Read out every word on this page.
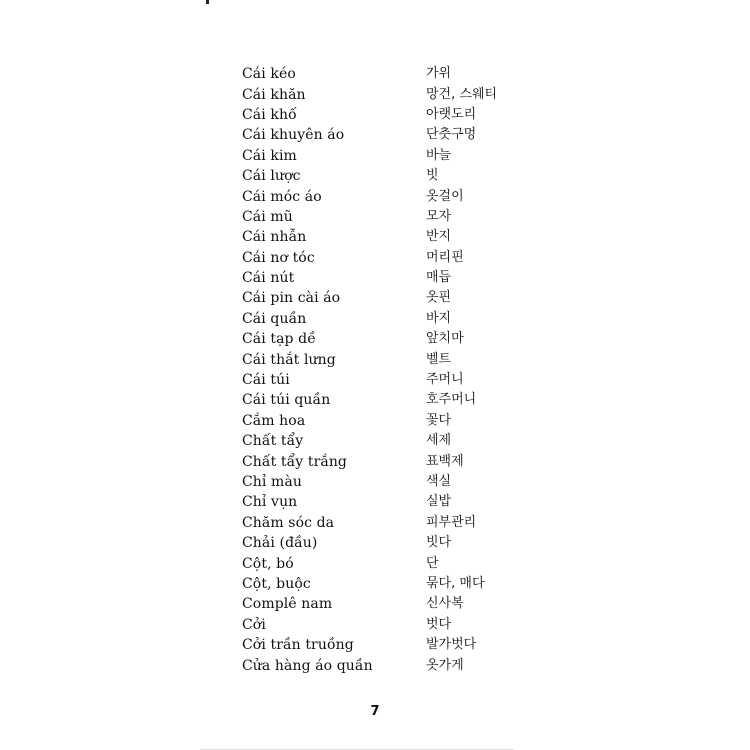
Cái kéo	가위
Cái khăn	망건, 스웨티
Cái khố	아랫도리
Cái khuyên áo	단춧구멍
Cái kim	바늘
Cái lược	빗
Cái móc áo	옷걸이
Cái mũ	모자
Cái nhẫn	반지
Cái nơ tóc	머리핀
Cái nút	매듭
Cái pin cài áo	옷핀
Cái quần	바지
Cái tạp dề	앞치마
Cái thắt lưng	벨트
Cái túi	주머니
Cái túi quần	호주머니
Cắm hoa	꽃다
Chất tẩy	세제
Chất tẩy trắng	표백제
Chỉ màu	색실
Chỉ vụn	실밥
Chăm sóc da	피부관리
Chải (đầu)	빗다
Cột, bó	단
Cột, buộc	묶다, 매다
Complê nam	신사복
Cởi	벗다
Cởi trần truồng	발가벗다
Cửa hàng áo quần	옷가게
7
